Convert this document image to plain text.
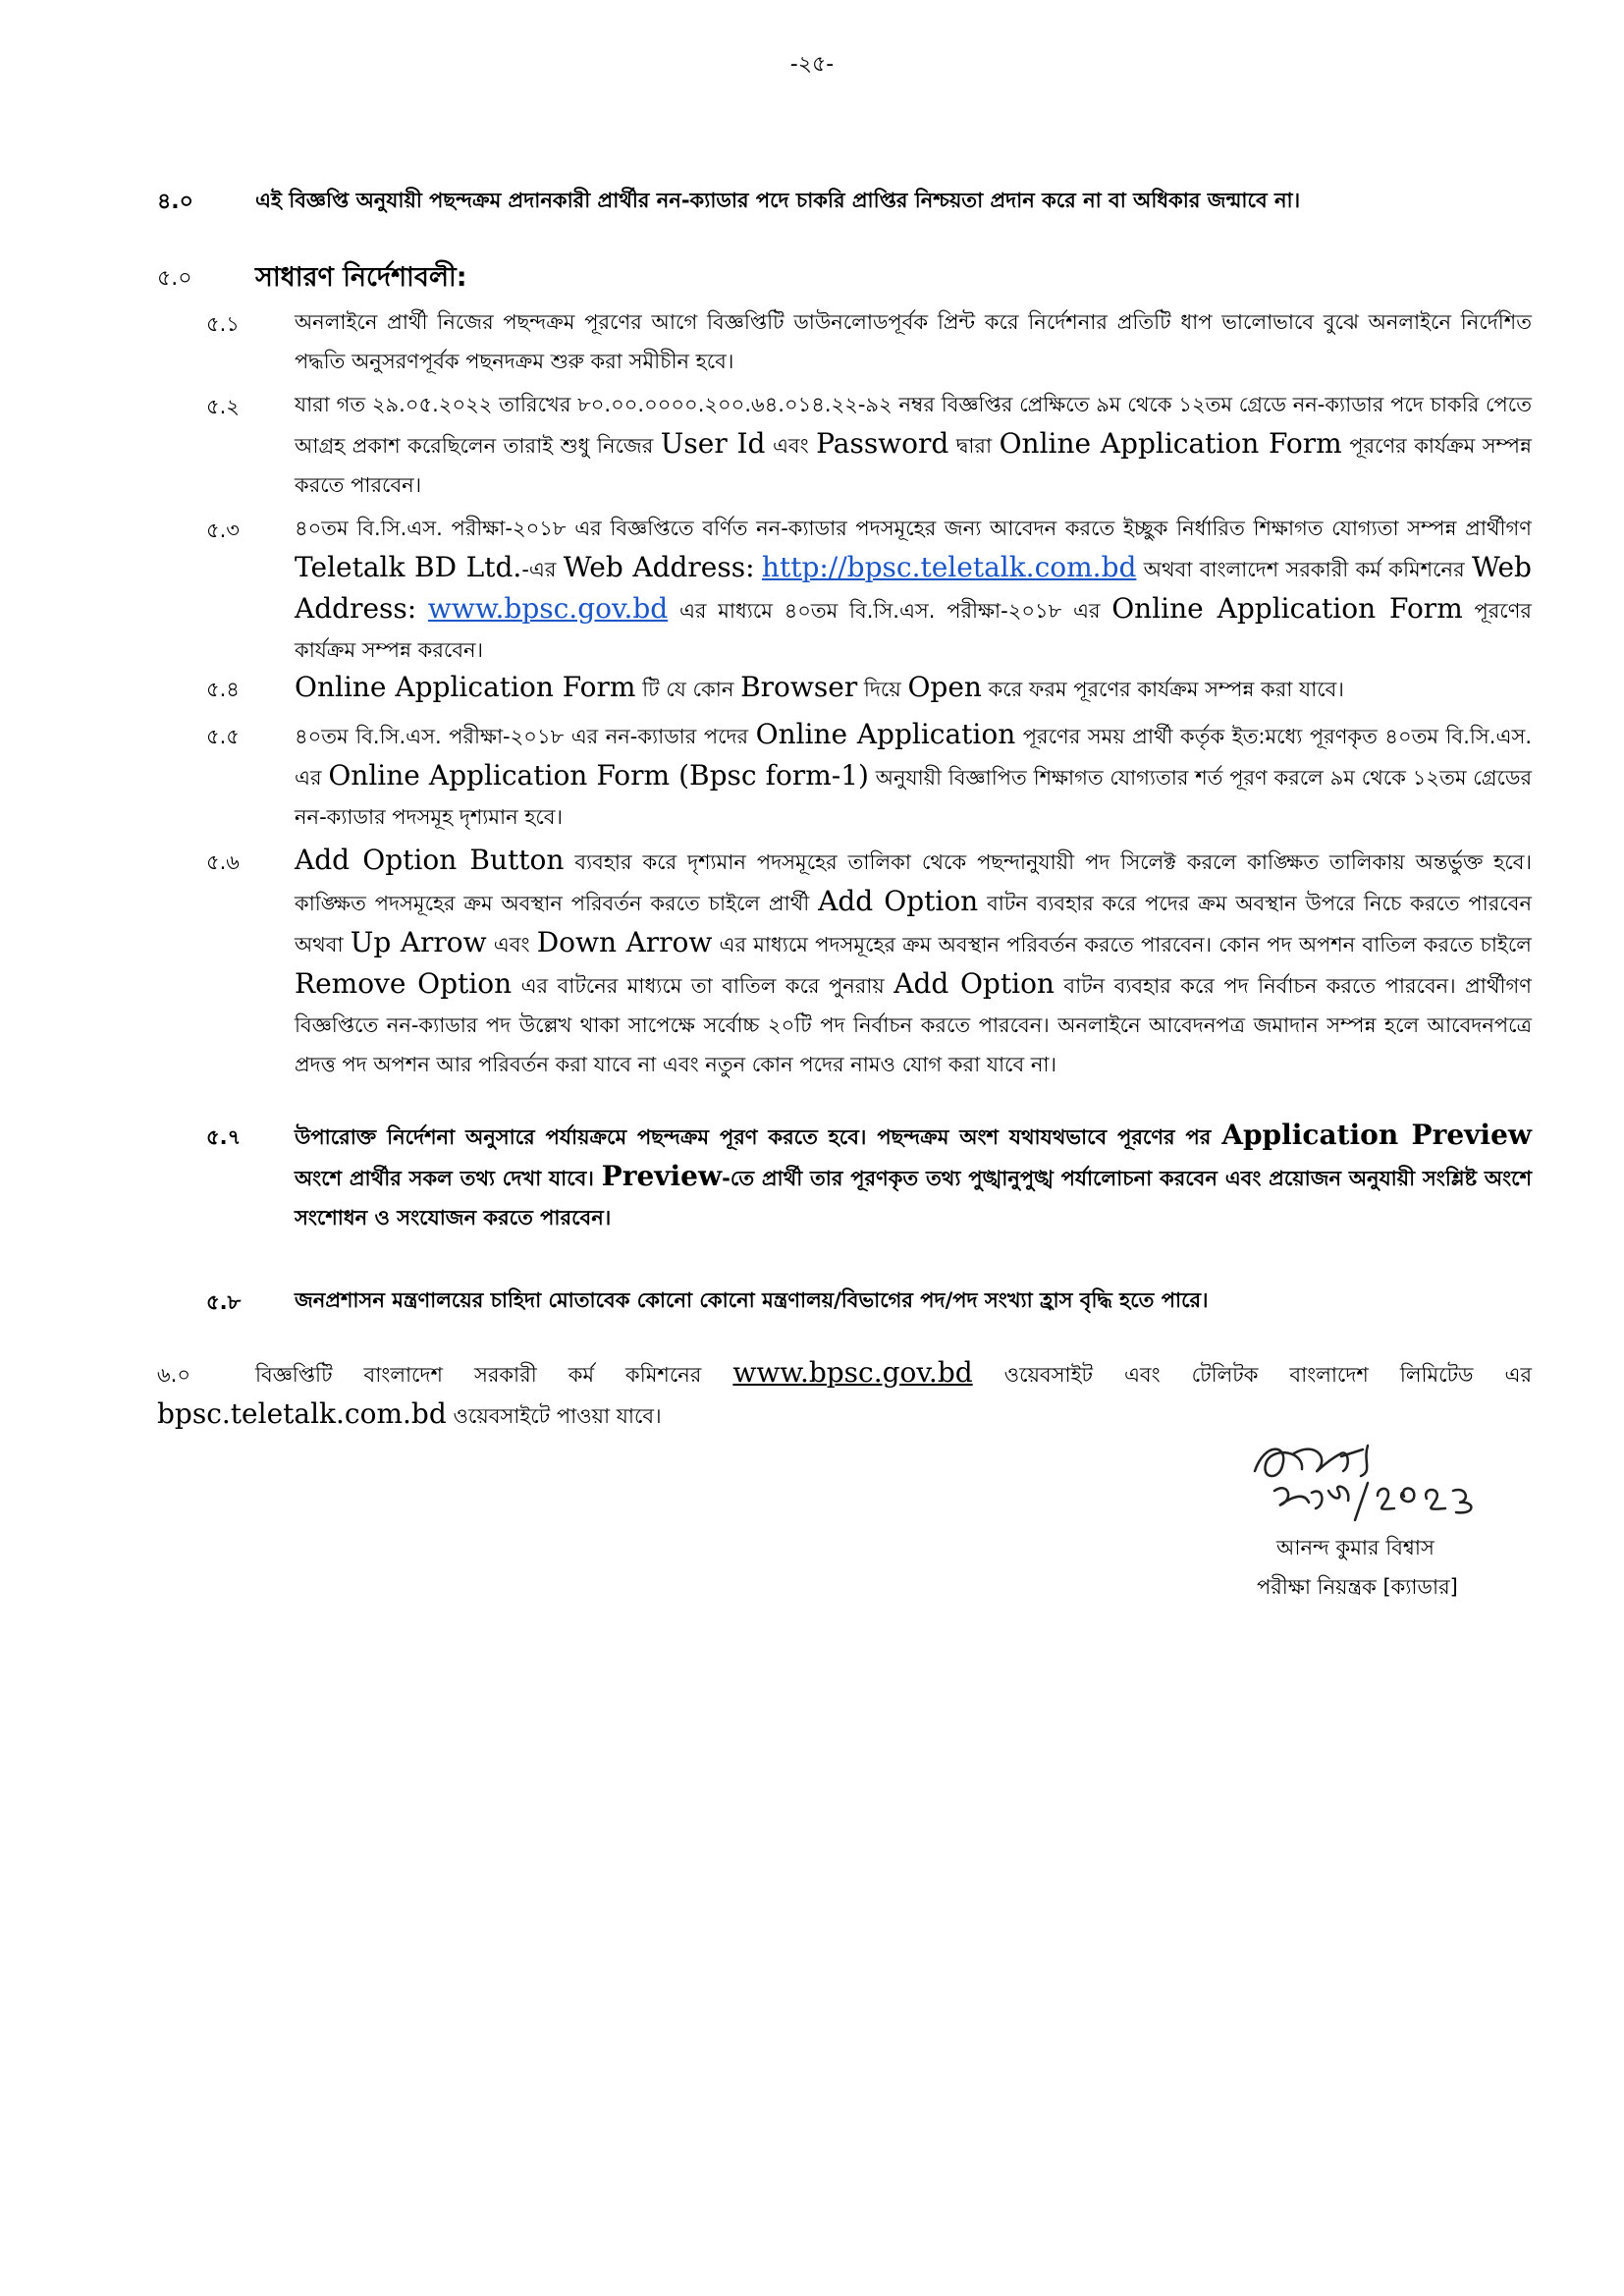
-২৫-
৪.০	এই বিজ্ঞপ্তি অনুযায়ী পছন্দক্রম প্রদানকারী প্রার্থীর নন-ক্যাডার পদে চাকরি প্রাপ্তির নিশ্চয়তা প্রদান করে না বা অধিকার জন্মাবে না।
৫.০ সাধারণ নির্দেশাবলী:
৫.১	অনলাইনে প্রার্থী নিজের পছন্দক্রম পূরণের আগে বিজ্ঞপ্তিটি ডাউনলোডপূর্বক প্রিন্ট করে নির্দেশনার প্রতিটি ধাপ ভালোভাবে বুঝে অনলাইনে নির্দেশিত পদ্ধতি অনুসরণপূর্বক পছনদক্রম শুরু করা সমীচীন হবে।
৫.২	যারা গত ২৯.০৫.২০২২ তারিখের ৮০.০০.০০০০.২০০.৬৪.০১৪.২২-৯২ নম্বর বিজ্ঞপ্তির প্রেক্ষিতে ৯ম থেকে ১২তম গ্রেডে নন-ক্যাডার পদে চাকরি পেতে আগ্রহ প্রকাশ করেছিলেন তারাই শুধু নিজের User Id এবং Password দ্বারা Online Application Form পূরণের কার্যক্রম সম্পন্ন করতে পারবেন।
৫.৩	৪০তম বি.সি.এস. পরীক্ষা-২০১৮ এর বিজ্ঞপ্তিতে বর্ণিত নন-ক্যাডার পদসমূহের জন্য আবেদন করতে ইচ্ছুক নির্ধারিত শিক্ষাগত যোগ্যতা সম্পন্ন প্রার্থীগণ Teletalk BD Ltd.-এর Web Address: http://bpsc.teletalk.com.bd অথবা বাংলাদেশ সরকারী কর্ম কমিশনের Web Address: www.bpsc.gov.bd এর মাধ্যমে ৪০তম বি.সি.এস. পরীক্ষা-২০১৮ এর Online Application Form পূরণের কার্যক্রম সম্পন্ন করবেন।
৫.৪ Online Application Form টি যে কোন Browser দিয়ে Open করে ফরম পূরণের কার্যক্রম সম্পন্ন করা যাবে।
৫.৫	৪০তম বি.সি.এস. পরীক্ষা-২০১৮ এর নন-ক্যাডার পদের Online Application পূরণের সময় প্রার্থী কর্তৃক ইত:মধ্যে পূরণকৃত ৪০তম বি.সি.এস. এর Online Application Form (Bpsc form-1) অনুযায়ী বিজ্ঞাপিত শিক্ষাগত যোগ্যতার শর্ত পূরণ করলে ৯ম থেকে ১২তম গ্রেডের নন-ক্যাডার পদসমূহ দৃশ্যমান হবে।
৫.৬ Add Option Button ব্যবহার করে দৃশ্যমান পদসমূহের তালিকা থেকে পছন্দানুযায়ী পদ সিলেক্ট করলে কাঙ্ক্ষিত তালিকায় অন্তর্ভুক্ত হবে। কাঙ্ক্ষিত পদসমূহের ক্রম অবস্থান পরিবর্তন করতে চাইলে প্রার্থী Add Option বাটন ব্যবহার করে পদের ক্রম অবস্থান উপরে নিচে করতে পারবেন অথবা Up Arrow এবং Down Arrow এর মাধ্যমে পদসমূহের ক্রম অবস্থান পরিবর্তন করতে পারবেন। কোন পদ অপশন বাতিল করতে চাইলে Remove Option এর বাটনের মাধ্যমে তা বাতিল করে পুনরায় Add Option বাটন ব্যবহার করে পদ নির্বাচন করতে পারবেন। প্রার্থীগণ বিজ্ঞপ্তিতে নন-ক্যাডার পদ উল্লেখ থাকা সাপেক্ষে সর্বোচ্চ ২০টি পদ নির্বাচন করতে পারবেন। অনলাইনে আবেদনপত্র জমাদান সম্পন্ন হলে আবেদনপত্রে প্রদত্ত পদ অপশন আর পরিবর্তন করা যাবে না এবং নতুন কোন পদের নামও যোগ করা যাবে না।
৫.৭	উপারোক্ত নির্দেশনা অনুসারে পর্যায়ক্রমে পছন্দক্রম পূরণ করতে হবে। পছন্দক্রম অংশ যথাযথভাবে পূরণের পর Application Preview অংশে প্রার্থীর সকল তথ্য দেখা যাবে। Preview-তে প্রার্থী তার পূরণকৃত তথ্য পুঙ্খানুপুঙ্খ পর্যালোচনা করবেন এবং প্রয়োজন অনুযায়ী সংশ্লিষ্ট অংশে সংশোধন ও সংযোজন করতে পারবেন।
৫.৮	জনপ্রশাসন মন্ত্রণালয়ের চাহিদা মোতাবেক কোনো কোনো মন্ত্রণালয়/বিভাগের পদ/পদ সংখ্যা হ্রাস বৃদ্ধি হতে পারে।
৬.০	বিজ্ঞপ্তিটি বাংলাদেশ সরকারী কর্ম কমিশনের www.bpsc.gov.bd ওয়েবসাইট এবং টেলিটক বাংলাদেশ লিমিটেড এর bpsc.teletalk.com.bd ওয়েবসাইটে পাওয়া যাবে।
আনন্দ কুমার বিশ্বাস
পরীক্ষা নিয়ন্ত্রক [ক্যাডার]
